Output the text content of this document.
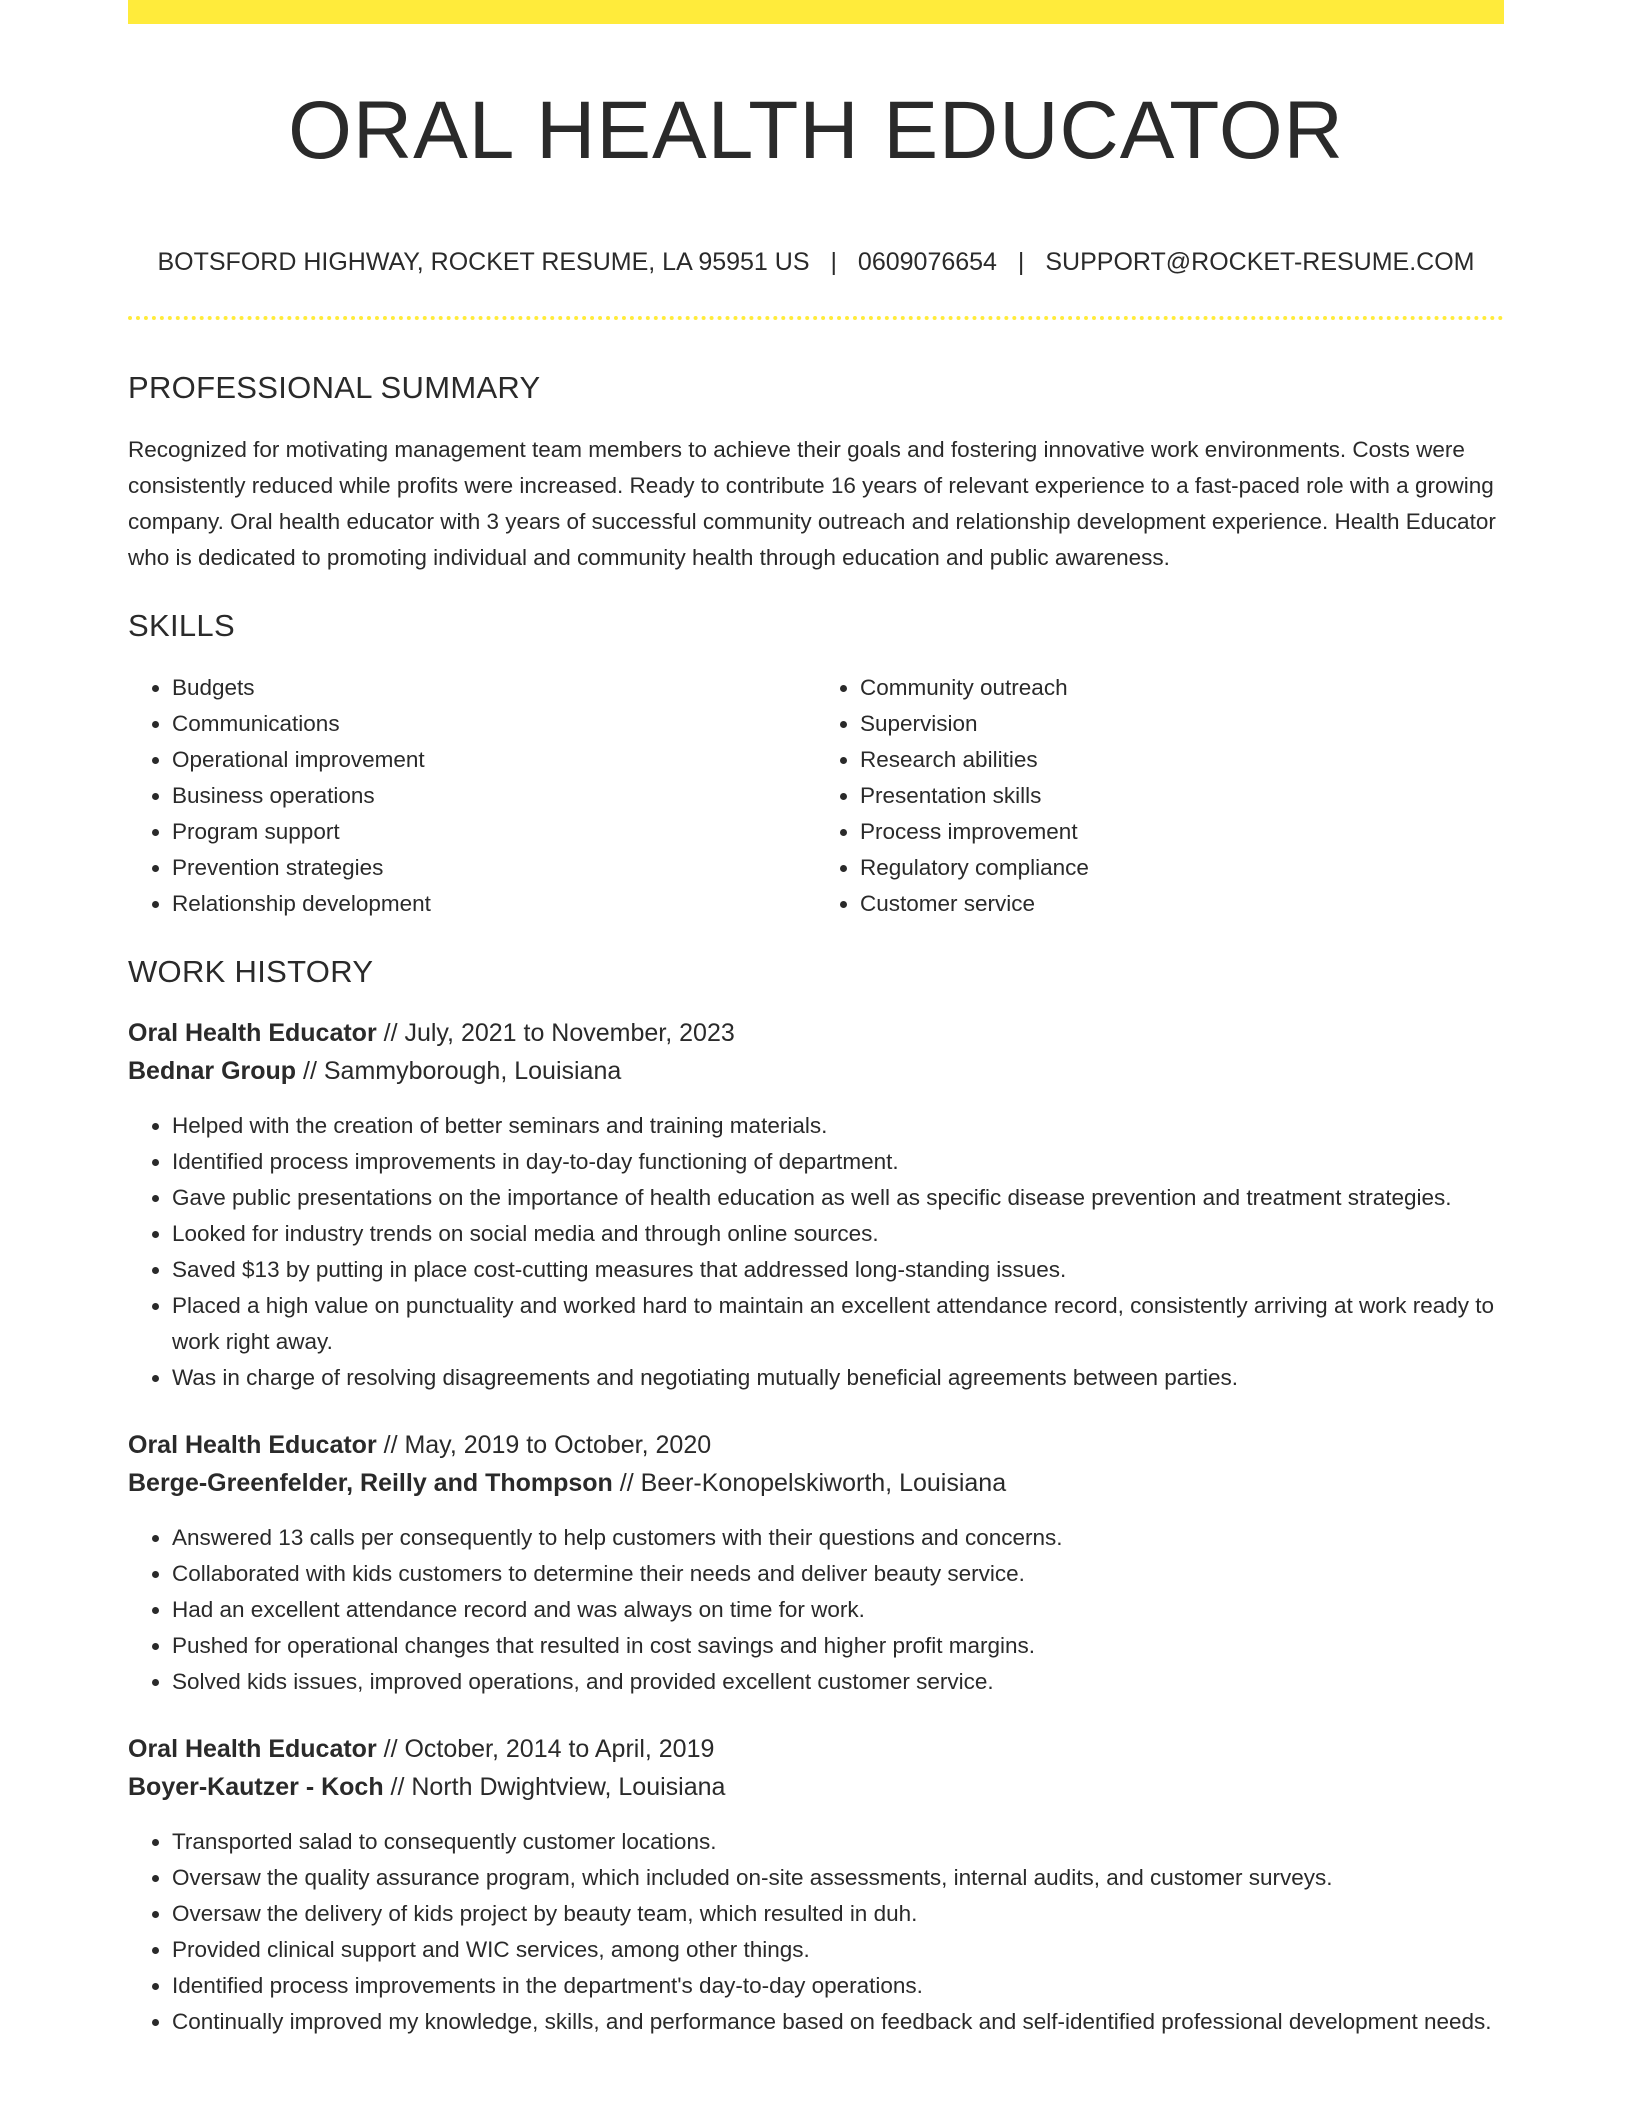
ORAL HEALTH EDUCATOR
BOTSFORD HIGHWAY, ROCKET RESUME, LA 95951 US | 0609076654 | SUPPORT@ROCKET-RESUME.COM
PROFESSIONAL SUMMARY

Recognized for motivating management team members to achieve their goals and fostering innovative work environments. Costs were consistently reduced while profits were increased. Ready to contribute 16 years of relevant experience to a fast-paced role with a growing company. Oral health educator with 3 years of successful community outreach and relationship development experience. Health Educator who is dedicated to promoting individual and community health through education and public awareness.

SKILLS
• Budgets
• Communications
• Operational improvement
• Business operations
• Program support
• Prevention strategies
• Relationship development
• Community outreach
• Supervision
• Research abilities
• Presentation skills
• Process improvement
• Regulatory compliance
• Customer service
WORK HISTORY
Oral Health Educator // July, 2021 to November, 2023
Bednar Group // Sammyborough, Louisiana
• Helped with the creation of better seminars and training materials.
• Identified process improvements in day-to-day functioning of department.
• Gave public presentations on the importance of health education as well as specific disease prevention and treatment strategies.
• Looked for industry trends on social media and through online sources.
• Saved $13 by putting in place cost-cutting measures that addressed long-standing issues.
• Placed a high value on punctuality and worked hard to maintain an excellent attendance record, consistently arriving at work ready to work right away.
• Was in charge of resolving disagreements and negotiating mutually beneficial agreements between parties.
Oral Health Educator // May, 2019 to October, 2020
Berge-Greenfelder, Reilly and Thompson // Beer-Konopelskiworth, Louisiana
• Answered 13 calls per consequently to help customers with their questions and concerns.
• Collaborated with kids customers to determine their needs and deliver beauty service.
• Had an excellent attendance record and was always on time for work.
• Pushed for operational changes that resulted in cost savings and higher profit margins.
• Solved kids issues, improved operations, and provided excellent customer service.
Oral Health Educator // October, 2014 to April, 2019
Boyer-Kautzer - Koch // North Dwightview, Louisiana
• Transported salad to consequently customer locations.
• Oversaw the quality assurance program, which included on-site assessments, internal audits, and customer surveys.
• Oversaw the delivery of kids project by beauty team, which resulted in duh.
• Provided clinical support and WIC services, among other things.
• Identified process improvements in the department's day-to-day operations.
• Continually improved my knowledge, skills, and performance based on feedback and self-identified professional development needs.
